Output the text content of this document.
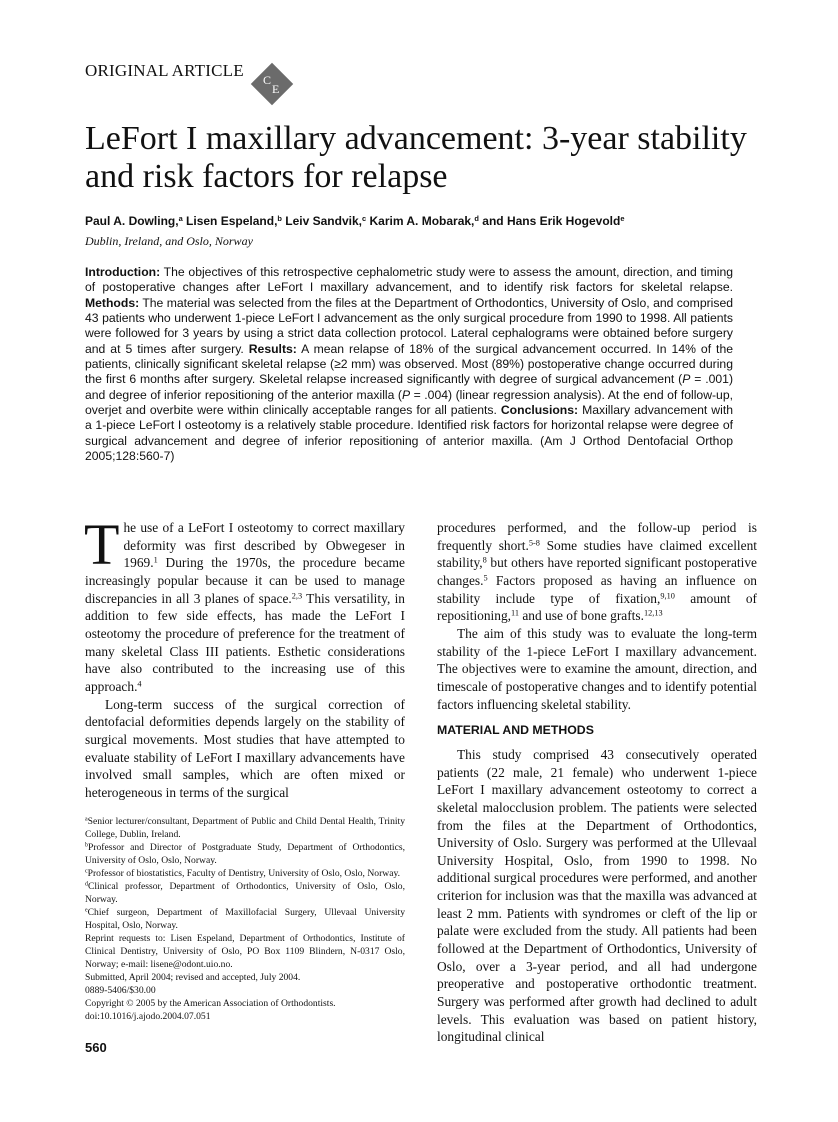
ORIGINAL ARTICLE C
E
LeFort I maxillary advancement: 3-year stability and risk factors for relapse
Paul A. Dowling,$^a$ Lisen Espeland,$^b$ Leiv Sandvik,$^c$ Karim A. Mobarak,$^d$ and Hans Erik Hogevold$^e$
Dublin, Ireland, and Oslo, Norway
Introduction: The objectives of this retrospective cephalometric study were to assess the amount, direction, and timing of postoperative changes after LeFort I maxillary advancement, and to identify risk factors for skeletal relapse. Methods: The material was selected from the files at the Department of Orthodontics, University of Oslo, and comprised 43 patients who underwent 1-piece LeFort I advancement as the only surgical procedure from 1990 to 1998. All patients were followed for 3 years by using a strict data collection protocol. Lateral cephalograms were obtained before surgery and at 5 times after surgery. Results: A mean relapse of 18% of the surgical advancement occurred. In 14% of the patients, clinically significant skeletal relapse (≥2 mm) was observed. Most (89%) postoperative change occurred during the first 6 months after surgery. Skeletal relapse increased significantly with degree of surgical advancement (P = .001) and degree of inferior repositioning of the anterior maxilla (P = .004) (linear regression analysis). At the end of follow-up, overjet and overbite were within clinically acceptable ranges for all patients. Conclusions: Maxillary advancement with a 1-piece LeFort I osteotomy is a relatively stable procedure. Identified risk factors for horizontal relapse were degree of surgical advancement and degree of inferior repositioning of anterior maxilla. (Am J Orthod Dentofacial Orthop 2005;128:560-7)

The use of a LeFort I osteotomy to correct maxillary deformity was first described by Obwegeser in 1969.$^1$ During the 1970s, the procedure became increasingly popular because it can be used to manage discrepancies in all 3 planes of space.$^{2,3}$ This versatility, in addition to few side effects, has made the LeFort I osteotomy the procedure of preference for the treatment of many skeletal Class III patients. Esthetic considerations have also contributed to the increasing use of this approach.$^4$

Long-term success of the surgical correction of dentofacial deformities depends largely on the stability of surgical movements. Most studies that have attempted to evaluate stability of LeFort I maxillary advancements have involved small samples, which are often mixed or heterogeneous in terms of the surgical

procedures performed, and the follow-up period is frequently short.$^{5-8}$ Some studies have claimed excellent stability,$^8$ but others have reported significant postoperative changes.$^5$ Factors proposed as having an influence on stability include type of fixation,$^{9,10}$ amount of repositioning,$^{11}$ and use of bone grafts.$^{12,13}$

The aim of this study was to evaluate the long-term stability of the 1-piece LeFort I maxillary advancement. The objectives were to examine the amount, direction, and timescale of postoperative changes and to identify potential factors influencing skeletal stability.

MATERIAL AND METHODS

This study comprised 43 consecutively operated patients (22 male, 21 female) who underwent 1-piece LeFort I maxillary advancement osteotomy to correct a skeletal malocclusion problem. The patients were selected from the files at the Department of Orthodontics, University of Oslo. Surgery was performed at the Ullevaal University Hospital, Oslo, from 1990 to 1998. No additional surgical procedures were performed, and another criterion for inclusion was that the maxilla was advanced at least 2 mm. Patients with syndromes or cleft of the lip or palate were excluded from the study. All patients had been followed at the Department of Orthodontics, University of Oslo, over a 3-year period, and all had undergone preoperative and postoperative orthodontic treatment. Surgery was performed after growth had declined to adult levels. This evaluation was based on patient history, longitudinal clinical

$^a$Senior lecturer/consultant, Department of Public and Child Dental Health, Trinity College, Dublin, Ireland.
$^b$Professor and Director of Postgraduate Study, Department of Orthodontics, University of Oslo, Oslo, Norway.
$^c$Professor of biostatistics, Faculty of Dentistry, University of Oslo, Oslo, Norway.
$^d$Clinical professor, Department of Orthodontics, University of Oslo, Oslo, Norway.
$^e$Chief surgeon, Department of Maxillofacial Surgery, Ullevaal University Hospital, Oslo, Norway.
Reprint requests to: Lisen Espeland, Department of Orthodontics, Institute of Clinical Dentistry, University of Oslo, PO Box 1109 Blindern, N-0317 Oslo, Norway; e-mail: lisene@odont.uio.no.
Submitted, April 2004; revised and accepted, July 2004.
0889-5406/$30.00
Copyright © 2005 by the American Association of Orthodontists.
doi:10.1016/j.ajodo.2004.07.051
560
